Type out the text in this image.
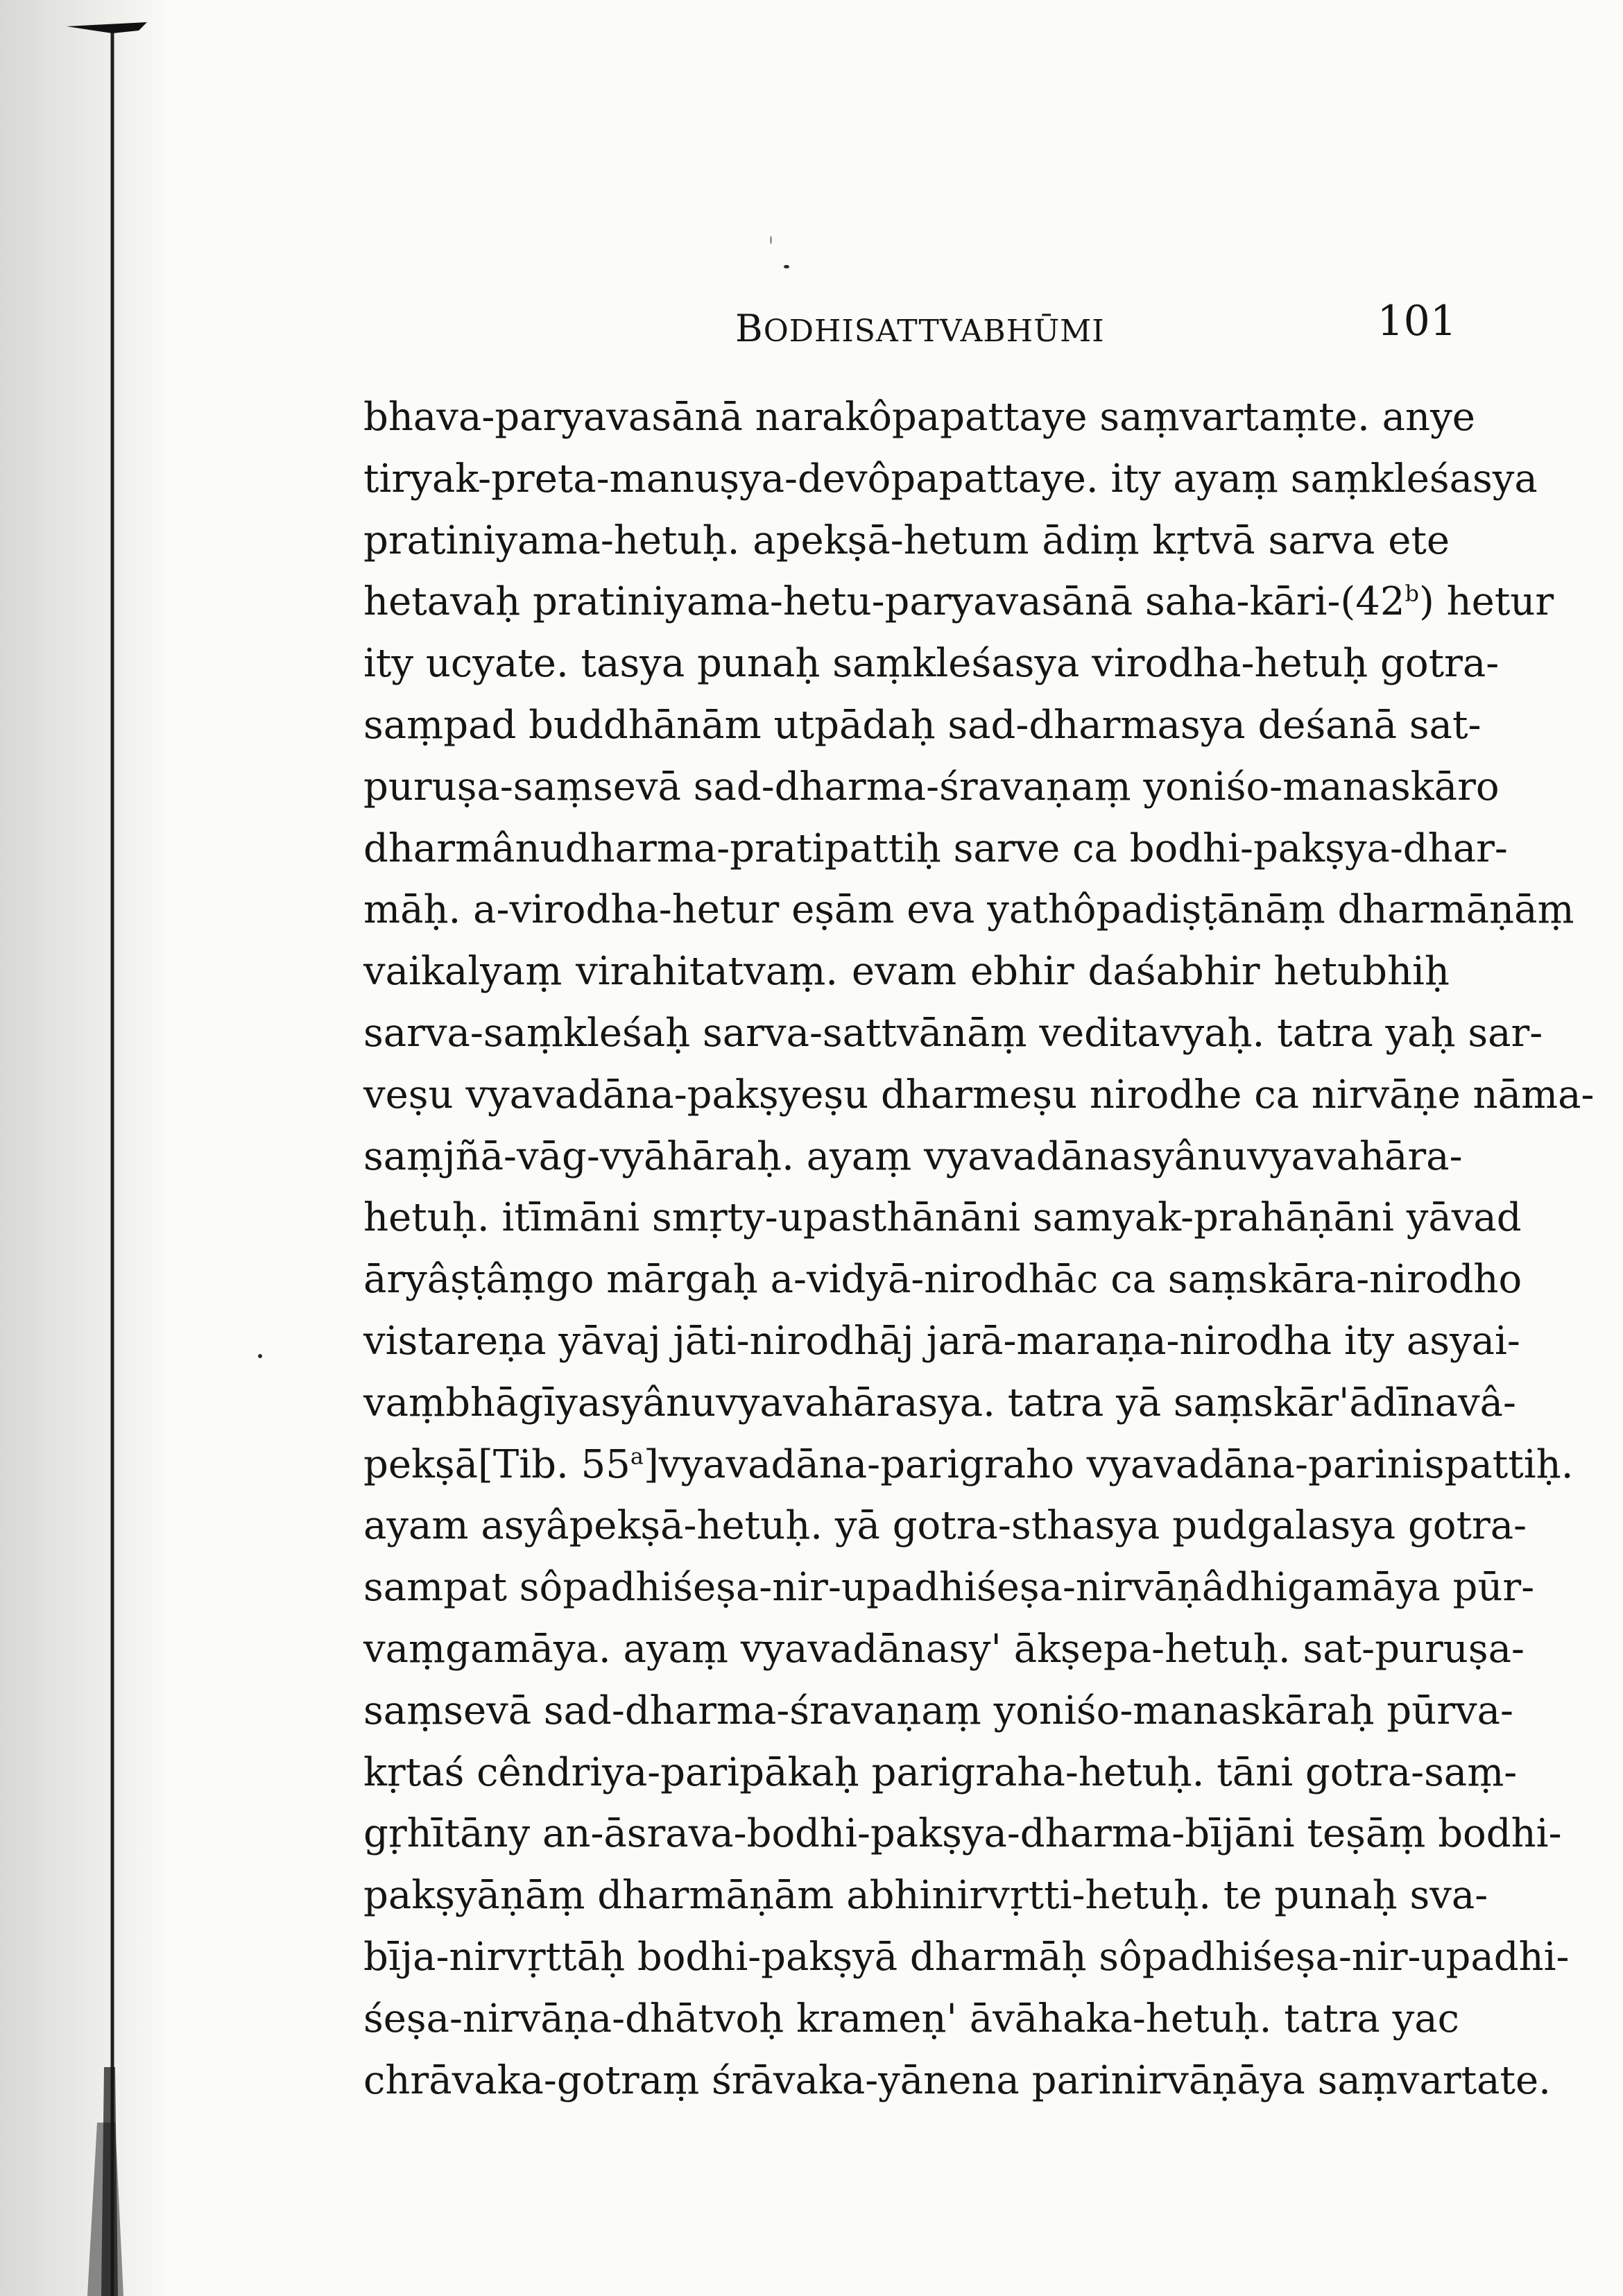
BODHISATTVABHŪMI	101
bhava-paryavasānā narakôpapattaye saṃvartaṃte. anye
tiryak-preta-manuṣya-devôpapattaye. ity ayaṃ saṃkleśasya
pratiniyama-hetuḥ. apekṣā-hetum ādiṃ kṛtvā sarva ete
hetavaḥ pratiniyama-hetu-paryavasānā saha-kāri-(42$^b$) hetur
ity ucyate. tasya punaḥ saṃkleśasya virodha-hetuḥ gotra-
saṃpad buddhānām utpādaḥ sad-dharmasya deśanā sat-
puruṣa-saṃsevā sad-dharma-śravaṇaṃ yoniśo-manaskāro
dharmânudharma-pratipattiḥ sarve ca bodhi-pakṣya-dhar-
māḥ. a-virodha-hetur eṣām eva yathôpadiṣṭānāṃ dharmāṇāṃ
vaikalyaṃ virahitatvaṃ. evam ebhir daśabhir hetubhiḥ
sarva-saṃkleśaḥ sarva-sattvānāṃ veditavyaḥ. tatra yaḥ sar-
veṣu vyavadāna-pakṣyeṣu dharmeṣu nirodhe ca nirvāṇe nāma-
saṃjñā-vāg-vyāhāraḥ. ayaṃ vyavadānasyânuvyavahāra-
hetuḥ. itīmāni smṛty-upasthānāni samyak-prahāṇāni yāvad
āryâṣṭâṃgo mārgaḥ a-vidyā-nirodhāc ca saṃskāra-nirodho
vistareṇa yāvaj jāti-nirodhāj jarā-maraṇa-nirodha ity asyai-
vaṃbhāgīyasyânuvyavahārasya. tatra yā saṃskār'ādīnavâ-
pekṣā[Tib. 55$^a$]vyavadāna-parigraho vyavadāna-parinispattiḥ.
ayam asyâpekṣā-hetuḥ. yā gotra-sthasya pudgalasya gotra-
sampat sôpadhiśeṣa-nir-upadhiśeṣa-nirvāṇâdhigamāya pūr-
vaṃgamāya. ayaṃ vyavadānasy' ākṣepa-hetuḥ. sat-puruṣa-
saṃsevā sad-dharma-śravaṇaṃ yoniśo-manaskāraḥ pūrva-
kṛtaś cêndriya-paripākaḥ parigraha-hetuḥ. tāni gotra-saṃ-
gṛhītāny an-āsrava-bodhi-pakṣya-dharma-bījāni teṣāṃ bodhi-
pakṣyāṇāṃ dharmāṇām abhinirvṛtti-hetuḥ. te punaḥ sva-
bīja-nirvṛttāḥ bodhi-pakṣyā dharmāḥ sôpadhiśeṣa-nir-upadhi-
śeṣa-nirvāṇa-dhātvoḥ krameṇ' āvāhaka-hetuḥ. tatra yac
chrāvaka-gotraṃ śrāvaka-yānena parinirvāṇāya saṃvartate.
